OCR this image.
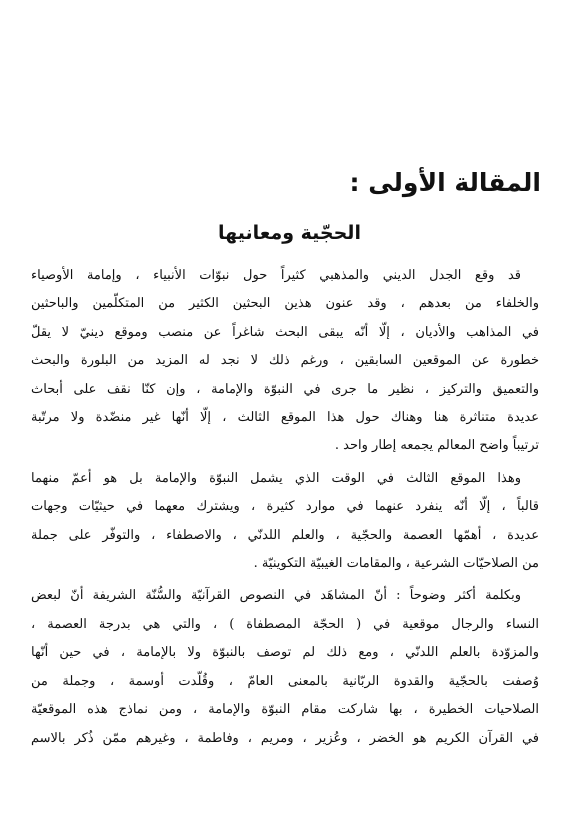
المقالة الأولى :
الحجّية ومعانيها

قد وقع الجدل الديني والمذهبي كثيراً حول نبوّات الأنبياء ، وإمامة الأوصياء
والخلفاء من بعدهم ، وقد عنون هذين البحثين الكثير من المتكلّمين والباحثين
في المذاهب والأديان ، إلّا أنّه يبقى البحث شاغراً عن منصب وموقع دينيّ لا يقلّ
خطورة عن الموقعين السابقين ، ورغم ذلك لا نجد له المزيد من البلورة والبحث
والتعميق والتركيز ، نظير ما جرى في النبوّة والإمامة ، وإن كنّا نقف على أبحاث
عديدة متناثرة هنا وهناك حول هذا الموقع الثالث ، إلّا أنّها غير منضّدة ولا مرتّبة
ترتيباً واضح المعالم يجمعه إطار واحد .

وهذا الموقع الثالث في الوقت الذي يشمل النبوّة والإمامة بل هو أعمّ منهما
قالباً ، إلّا أنّه ينفرد عنهما في موارد كثيرة ، ويشترك معهما في حيثيّات وجهات
عديدة ، أهمّها العصمة والحجّية ، والعلم اللدنّي ، والاصطفاء ، والتوفّر على جملة
من الصلاحيّات الشرعية ، والمقامات الغيبيّة التكوينيّة .

وبكلمة أكثر وضوحاً : أنّ المشاهَد في النصوص القرآنيّة والسُّنّة الشريفة أنّ لبعض
النساء والرجال موقعية في ( الحجّة المصطفاة ) ، والتي هي بدرجة العصمة ،
والمزوّدة بالعلم اللدنّي ، ومع ذلك لم توصف بالنبوّة ولا بالإمامة ، في حين أنّها
وُصفت بالحجّية والقدوة الربّانية بالمعنى العامّ ، وقُلّدت أوسمة ، وجملة من
الصلاحيات الخطيرة ، بها شاركت مقام النبوّة والإمامة ، ومن نماذج هذه الموقعيّة
في القرآن الكريم هو الخضر ، وعُزير ، ومريم ، وفاطمة ، وغيرهم ممّن ذُكر بالاسم
